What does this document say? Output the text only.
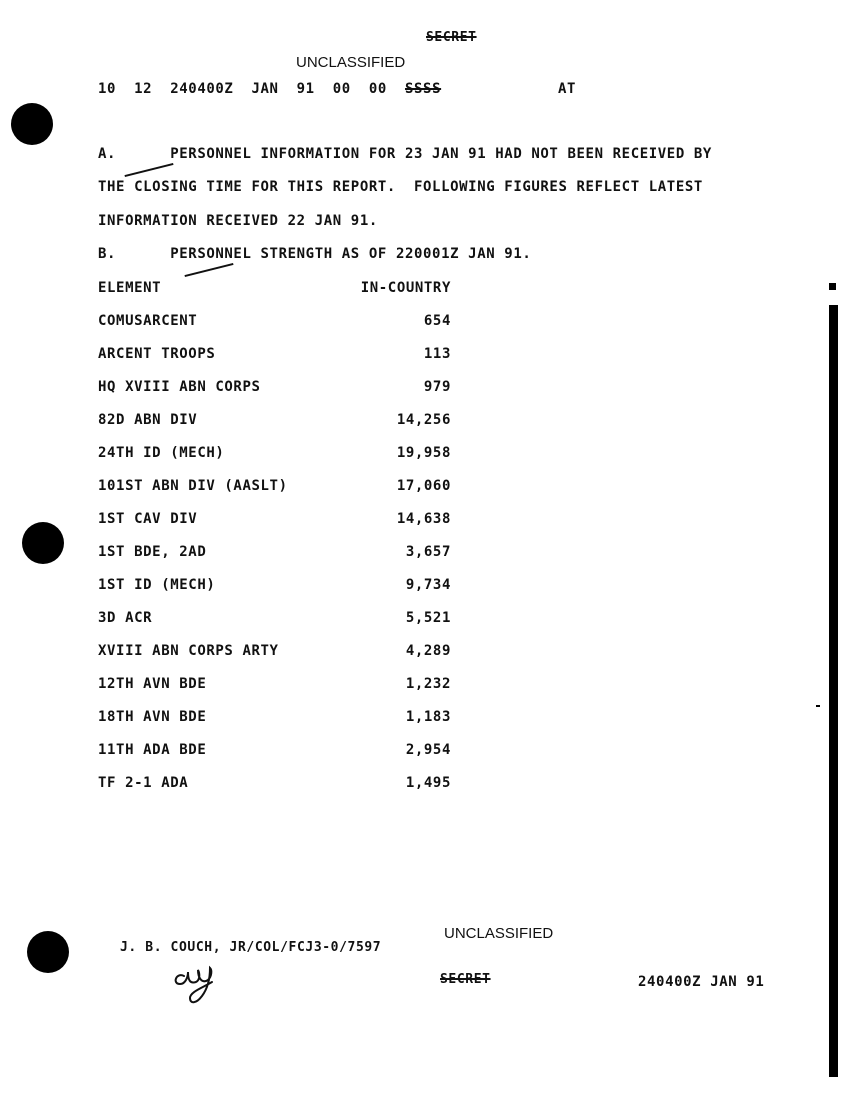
SECRET
UNCLASSIFIED
10  12  240400Z  JAN  91  00  00 SSSS	AT
A.      PERSONNEL INFORMATION FOR 23 JAN 91 HAD NOT BEEN RECEIVED BY

THE CLOSING TIME FOR THIS REPORT.  FOLLOWING FIGURES REFLECT LATEST
INFORMATION RECEIVED 22 JAN 91.
B.      PERSONNEL STRENGTH AS OF 220001Z JAN 91.
ELEMENT	IN-COUNTRY
COMUSARCENT	654
ARCENT TROOPS	113
HQ XVIII ABN CORPS	979
82D ABN DIV	14,256
24TH ID (MECH)	19,958
101ST ABN DIV (AASLT)	17,060
1ST CAV DIV	14,638
1ST BDE, 2AD	3,657
1ST ID (MECH)	9,734
3D ACR	5,521
XVIII ABN CORPS ARTY	4,289
12TH AVN BDE	1,232
18TH AVN BDE	1,183
11TH ADA BDE	2,954
TF 2-1 ADA	1,495
UNCLASSIFIED
J. B. COUCH, JR/COL/FCJ3-0/7597
SECRET	240400Z JAN 91
